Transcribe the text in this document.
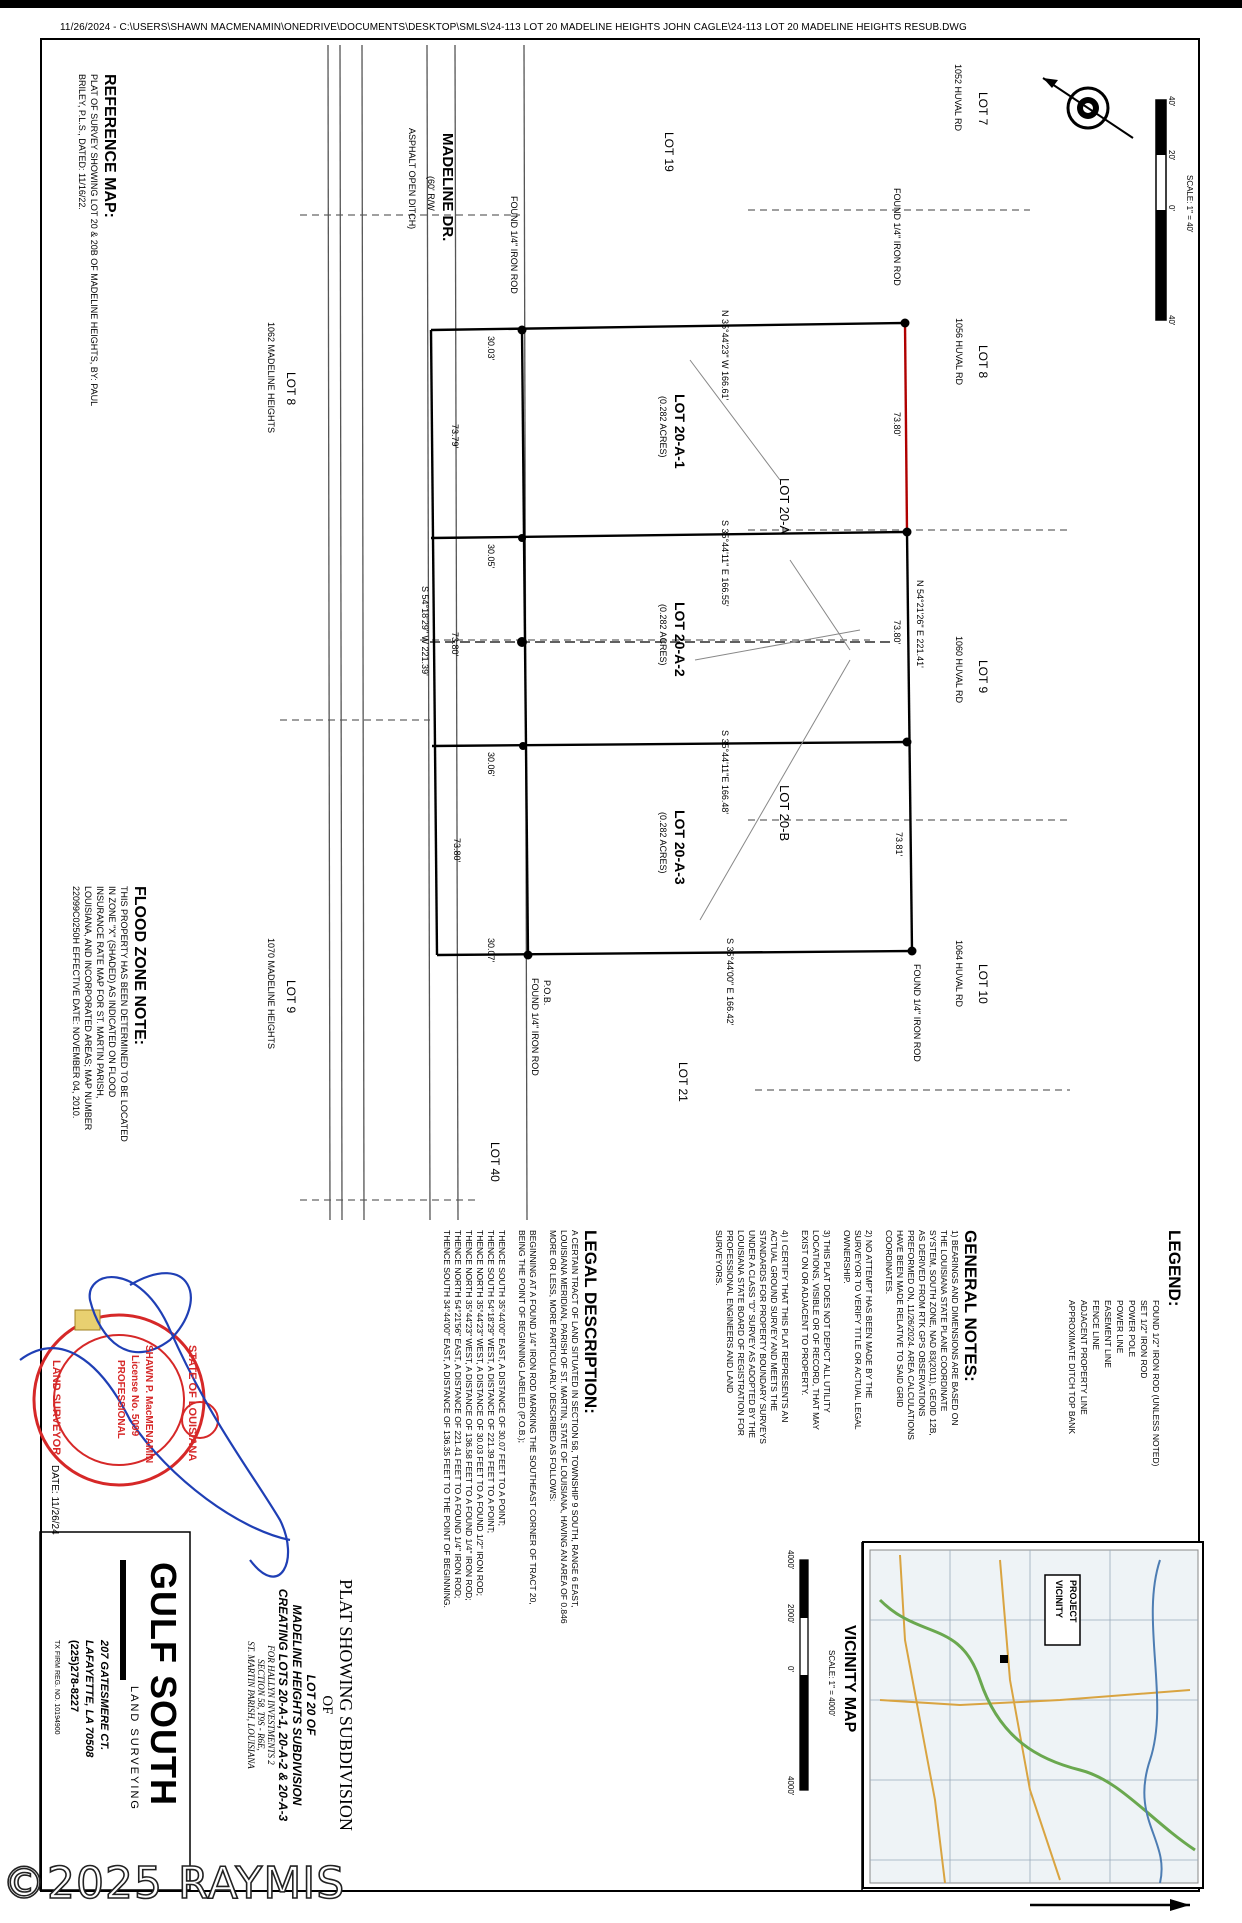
11/26/2024 - C:\USERS\SHAWN MACMENAMIN\ONEDRIVE\DOCUMENTS\DESKTOP\SMLS\24-113 LOT 20 MADELINE HEIGHTS JOHN CAGLE\24-113 LOT 20 MADELINE HEIGHTS RESUB.DWG
SCALE: 1" = 40'
40'
20'
0'
40'
REFERENCE MAP:
PLAT OF SURVEY SHOWING LOT 20 & 20B OF MADELINE HEIGHTS, BY: PAUL
BRILEY, P.L.S., DATED: 11/16/22.
FLOOD ZONE NOTE:
THIS PROPERTY HAS BEEN DETERMINED TO BE LOCATED
IN ZONE "X" (SHADED) AS INDICATED ON FLOOD
INSURANCE RATE MAP FOR ST. MARTIN PARISH,
LOUISIANA, AND INCORPORATED AREAS; MAP NUMBER
22099C0250H EFFECTIVE DATE: NOVEMBER 04, 2010.
MADELINE DR.
(60' R/W
ASPHALT OPEN DITCH)
LOT 7
1052 HUVAL RD
LOT 8
1056 HUVAL RD
LOT 9
1060 HUVAL RD
LOT 10
1064 HUVAL RD
LOT 19
LOT 21
LOT 40
LOT 8
1062 MADELINE HEIGHTS
LOT 9
1070 MADELINE HEIGHTS
LOT 20-A
LOT 20-B
LOT 20-A-1
(0.282 ACRES)
LOT 20-A-2
(0.282 ACRES)
LOT 20-A-3
(0.282 ACRES)
FOUND 1/4" IRON ROD
FOUND 1/4" IRON ROD
FOUND 1/4" IRON ROD
FOUND 1/4" IRON ROD P.O.B.
N 35°44'23" W 166.61'
S 35°44'11" E 166.55'
S 35°44'11"E 166.48'
S 35°44'00" E 166.42'
N 54°21'26" E 221.41'
S 54°18'29" W 221.39'
73.80'
73.80'
73.81'
73.79'
73.80'
73.80'
30.03'
30.05'
30.06'
30.07'
LEGEND:
FOUND 1/2" IRON ROD (UNLESS NOTED)
SET 1/2" IRON ROD
POWER POLE
POWER LINE
EASEMENT LINE
FENCE LINE
ADJACENT PROPERTY LINE
APPROXIMATE DITCH TOP BANK
GENERAL NOTES:
1) BEARINGS AND DIMENSIONS ARE BASED ON
THE LOUISIANA STATE PLANE COORDINATE
SYSTEM, SOUTH ZONE, NAD 83(2011), GEOID 12B,
AS DERIVED FROM RTK GPS OBSERVATIONS
PREFORMED ON, 11/26/2024. AREA CALCULATIONS
HAVE BEEN MADE RELATIVE TO SAID GRID
COORDINATES.
2) NO ATTEMPT HAS BEEN MADE BY THE
SURVEYOR TO VERIFY TITLE OR ACTUAL LEGAL
OWNERSHIP.
3) THIS PLAT DOES NOT DEPICT ALL UTILITY
LOCATIONS, VISIBLE OR OF RECORD, THAT MAY
EXIST ON OR ADJACENT TO PROPERTY.
4) I CERTIFY THAT THIS PLAT REPRESENTS AN
ACTUAL GROUND SURVEY AND MEETS THE
STANDARDS FOR PROPERTY BOUNDARY SURVEYS
UNDER A CLASS "D" SURVEY AS ADOPTED BY THE
LOUISIANA STATE BOARD OF REGISTRATION FOR
PROFESSIONAL ENGINEERS AND LAND
SURVEYORS.
LEGAL DESCRIPTION:
A CERTAIN TRACT OF LAND SITUATED IN SECTION 58, TOWNSHIP 9 SOUTH, RANGE 6 EAST,
LOUISIANA MERIDIAN, PARISH OF ST. MARTIN, STATE OF LOUISIANA, HAVING AN AREA OF 0.846
MORE OR LESS, MORE PARTICULARLY DESCRIBED AS FOLLOWS:
BEGINNING AT A FOUND 1/4" IRON ROD MARKING THE SOUTHEAST CORNER OF TRACT 20,
BEING THE POINT OF BEGINNING LABELED (P.O.B.);
THENCE SOUTH 35°44'00" EAST, A DISTANCE OF 30.07 FEET TO A POINT;
THENCE SOUTH 54°18'29" WEST, A DISTANCE OF 221.39 FEET TO A POINT;
THENCE NORTH 35°44'23" WEST, A DISTANCE OF 30.03 FEET TO A FOUND 1/2" IRON ROD;
THENCE NORTH 35°44'23" WEST, A DISTANCE OF 136.58 FEET TO A FOUND 1/4" IRON ROD;
THENCE NORTH 54°21'56" EAST, A DISTANCE OF 221.41 FEET TO A FOUND 1/4" IRON ROD;
THENCE SOUTH 34°44'00" EAST, A DISTANCE OF 136.35 FEET TO THE POINT OF BEGINNING.
VICINITY MAP
SCALE: 1" = 4000'
4000'
2000'
0'
4000'
PROJECT
VICINITY
PLAT SHOWING SUBDIVISION
OF
LOT 20 OF
MADELINE HEIGHTS SUBDIVISION
CREATING LOTS 20-A-1, 20-A-2 & 20-A-3
FOR HALLYN INVESTMENTS 2
SECTION 58, T9S - R6E,
ST. MARTIN PARISH, LOUISIANA
GULF SOUTH
LAND SURVEYING
207 GATESMERE CT.
LAFAYETTE, LA 70508
(225)278-8227
TX FIRM REG. NO. 10194900
STATE OF LOUISIANA
LAND SURVEYOR	SHAWN P. MacMENAMIN
License No. 5099
PROFESSIONAL
DATE: 11/26/24
©2025 RAYMIS
